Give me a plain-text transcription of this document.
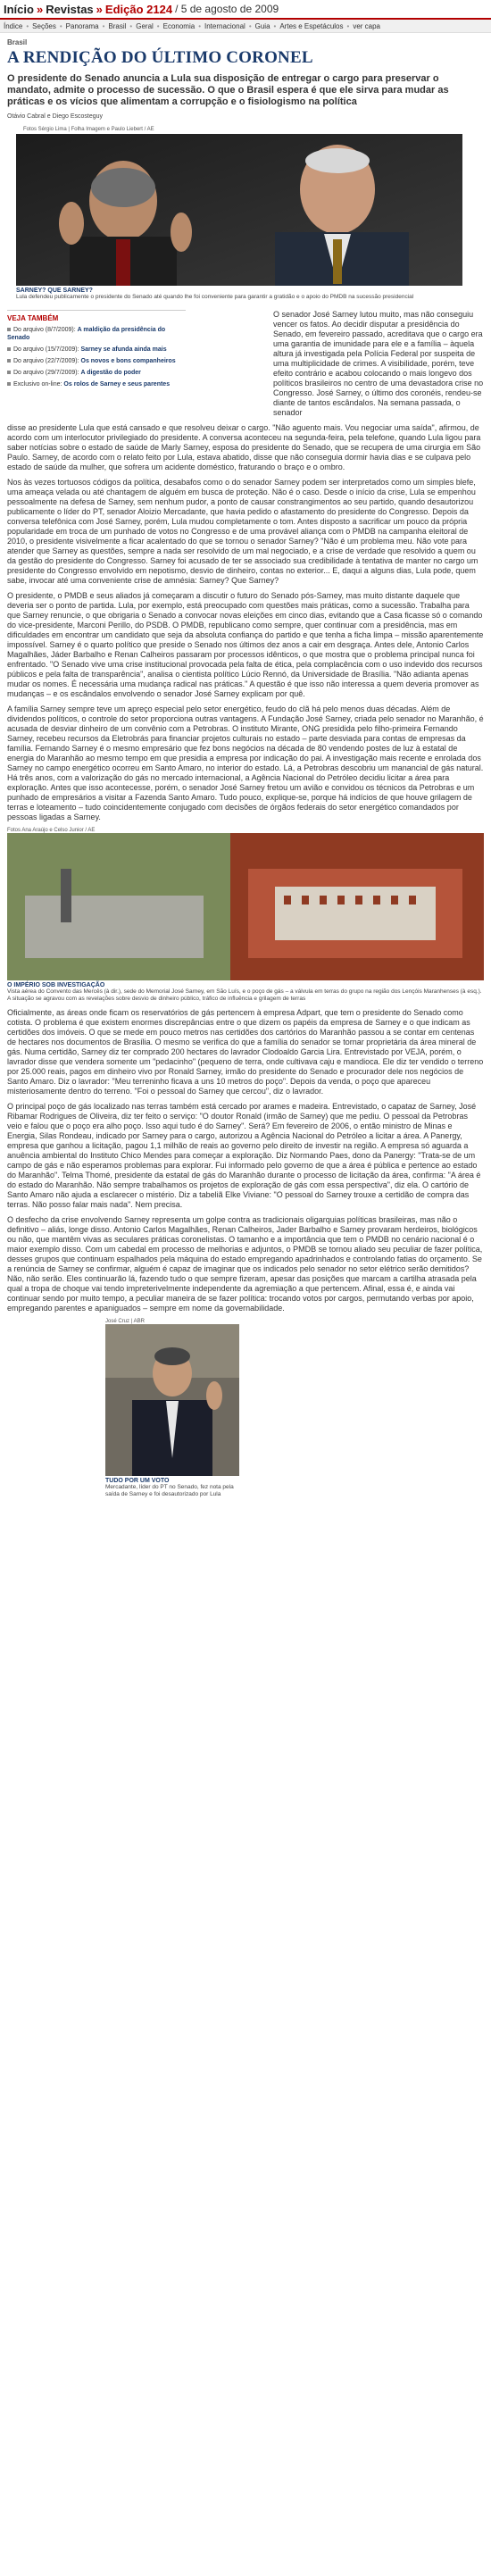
Início » Revistas » Edição 2124 / 5 de agosto de 2009
Índice • Seções • Panorama • Brasil • Geral • Economia • Internacional • Guia • Artes e Espetáculos • ver capa
Brasil
A RENDIÇÃO DO ÚLTIMO CORONEL

O presidente do Senado anuncia a Lula sua disposição de entregar o cargo para preservar o mandato, admite o processo de sucessão. O que o Brasil espera é que ele sirva para mudar as práticas e os vícios que alimentam a corrupção e o fisiologismo na política

Otávio Cabral e Diego Escosteguy
Fotos Sérgio Lima | Folha Imagem e Paulo Liebert / AE
SARNEY? QUE SARNEY?
Lula defendeu publicamente o presidente do Senado até quando lhe foi conveniente para garantir a gratidão e o apoio do PMDB na sucessão presidencial
VEJA TAMBÉM
Do arquivo (8/7/2009): A maldição da presidência do Senado
Do arquivo (15/7/2009): Sarney se afunda ainda mais
Do arquivo (22/7/2009): Os novos e bons companheiros
Do arquivo (29/7/2009): A digestão do poder
Exclusivo on-line: Os rolos de Sarney e seus parentes
O senador José Sarney lutou muito, mas não conseguiu vencer os fatos. Ao decidir disputar a presidência do Senado, em fevereiro passado, acreditava que o cargo era uma garantia de imunidade para ele e a família – àquela altura já investigada pela Polícia Federal por suspeita de uma multiplicidade de crimes. A visibilidade, porém, teve efeito contrário e acabou colocando o mais longevo dos políticos brasileiros no centro de uma devastadora crise no Congresso. José Sarney, o último dos coronéis, rendeu-se diante de tantos escândalos. Na semana passada, o senador

disse ao presidente Lula que está cansado e que resolveu deixar o cargo. "Não aguento mais. Vou negociar uma saída", afirmou, de acordo com um interlocutor privilegiado do presidente. A conversa aconteceu na segunda-feira, pela telefone, quando Lula ligou para saber notícias sobre o estado de saúde de Marly Sarney, esposa do presidente do Senado, que se recupera de uma cirurgia em São Paulo. Sarney, de acordo com o relato feito por Lula, estava abatido, disse que não conseguia dormir havia dias e se culpava pelo estado de saúde da mulher, que sofrera um acidente doméstico, fraturando o braço e o ombro.

Nos às vezes tortuosos códigos da política, desabafos como o do senador Sarney podem ser interpretados como um simples blefe, uma ameaça velada ou até chantagem de alguém em busca de proteção. Não é o caso. Desde o início da crise, Lula se empenhou pessoalmente na defesa de Sarney, sem nenhum pudor, a ponto de causar constrangimentos ao seu partido, quando desautorizou publicamente o líder do PT, senador Aloizio Mercadante, que havia pedido o afastamento do presidente do Congresso. Depois da conversa telefônica com José Sarney, porém, Lula mudou completamente o tom. Antes disposto a sacrificar um pouco da própria popularidade em troca de um punhado de votos no Congresso e de uma provável aliança com o PMDB na campanha eleitoral de 2010, o presidente visivelmente a ficar acalentado do que se tornou o senador Sarney? "Não é um problema meu. Não vote para atender que Sarney as questões, sempre a nada ser resolvido de um mal negociado, e a crise de verdade que resolvido a quem ou da gestão do presidente do Congresso. Sarney foi acusado de ter se associado sua credibilidade à tentativa de manter no cargo um presidente do Congresso envolvido em nepotismo, desvio de dinheiro, contas no exterior... E, daqui a alguns dias, Lula pode, quem sabe, invocar até uma conveniente crise de amnésia: Sarney? Que Sarney?

O presidente, o PMDB e seus aliados já começaram a discutir o futuro do Senado pós-Sarney, mas muito distante daquele que deveria ser o ponto de partida. Lula, por exemplo, está preocupado com questões mais práticas, como a sucessão. Trabalha para que Sarney renuncie, o que obrigaria o Senado a convocar novas eleições em cinco dias, evitando que a Casa ficasse só o comando do vice-presidente, Marconi Perillo, do PSDB. O PMDB, republicano como sempre, quer continuar com a presidência, mas em dificuldades em encontrar um candidato que seja da absoluta confiança do partido e que tenha a ficha limpa – missão aparentemente impossível. Sarney é o quarto político que preside o Senado nos últimos dez anos a cair em desgraça. Antes dele, Antonio Carlos Magalhães, Jáder Barbalho e Renan Calheiros passaram por processos idênticos, o que mostra que o problema principal nunca foi enfrentado. "O Senado vive uma crise institucional provocada pela falta de ética, pela complacência com o uso indevido dos recursos públicos e pela falta de transparência", analisa o cientista político Lúcio Rennó, da Universidade de Brasília. "Não adianta apenas mudar os nomes. É necessária uma mudança radical nas práticas." A questão é que isso não interessa a quem deveria promover as mudanças – e os escândalos envolvendo o senador José Sarney explicam por quê.

A família Sarney sempre teve um apreço especial pelo setor energético, feudo do clã há pelo menos duas décadas. Além de dividendos políticos, o controle do setor proporciona outras vantagens. A Fundação José Sarney, criada pelo senador no Maranhão, é acusada de desviar dinheiro de um convênio com a Petrobras. O instituto Mirante, ONG presidida pelo filho-primeira Fernando Sarney, recebeu recursos da Eletrobrás para financiar projetos culturais no estado – parte desviada para contas de empresas da família. Fernando Sarney é o mesmo empresário que fez bons negócios na década de 80 vendendo postes de luz à estatal de energia do Maranhão ao mesmo tempo em que presidia a empresa por indicação do pai. A investigação mais recente e enrolada dos Sarney no campo energético ocorreu em Santo Amaro, no interior do estado. Lá, a Petrobras descobriu um manancial de gás natural. Há três anos, com a valorização do gás no mercado internacional, a Agência Nacional do Petróleo decidiu licitar a área para exploração. Antes que isso acontecesse, porém, o senador José Sarney fretou um avião e convidou os técnicos da Petrobras e um punhado de empresários a visitar a Fazenda Santo Amaro. Tudo pouco, explique-se, porque há indícios de que houve grilagem de terras e loteamento – tudo coincidentemente conjugado com decisões de órgãos federais do setor energético comandados por pessoas ligadas a Sarney.

Fotos Ana Araújo e Celso Junior / AE
O IMPÉRIO SOB INVESTIGAÇÃO
Vista aérea do Convento das Mercês (à dir.), sede do Memorial José Sarney, em São Luís, e o poço de gás – a válvula em terras do grupo na região dos Lençóis Maranhenses (à esq.). A situação se agravou com as revelações sobre desvio de dinheiro público, tráfico de influência e grilagem de terras

Oficialmente, as áreas onde ficam os reservatórios de gás pertencem à empresa Adpart, que tem o presidente do Senado como cotista. O problema é que existem enormes discrepâncias entre o que dizem os papéis da empresa de Sarney e o que indicam as certidões dos imóveis. O que se mede em pouco metros nas certidões dos cartórios do Maranhão passou a se contar em centenas de hectares nos documentos de Brasília. O mesmo se verifica do que a família do senador se tornar proprietária da área mineral de gás. Numa certidão, Sarney diz ter comprado 200 hectares do lavrador Clodoaldo Garcia Lira. Entrevistado por VEJA, porém, o lavrador disse que vendera somente um "pedacinho" (pequeno de terra, onde cultivava caju e mandioca. Ele diz ter vendido o terreno por 25.000 reais, pagos em dinheiro vivo por Ronald Sarney, irmão do presidente do Senado e procurador dele nos negócios de Santo Amaro. Diz o lavrador: "Meu terreninho ficava a uns 10 metros do poço". Depois da venda, o poço que apareceu misteriosamente dentro do terreno. "Foi o pessoal do Sarney que cercou", diz o lavrador.

O principal poço de gás localizado nas terras também está cercado por arames e madeira. Entrevistado, o capataz de Sarney, José Ribamar Rodrigues de Oliveira, diz ter feito o serviço: "O doutor Ronald (irmão de Sarney) que me pediu. O pessoal da Petrobras veio e falou que o poço era alho poço. Isso aqui tudo é do Sarney". Será? Em fevereiro de 2006, o então ministro de Minas e Energia, Silas Rondeau, indicado por Sarney para o cargo, autorizou a Agência Nacional do Petróleo a licitar a área. A Panergy, empresa que ganhou a licitação, pagou 1,1 milhão de reais ao governo pelo direito de investir na região. A empresa só aguarda a anuência ambiental do Instituto Chico Mendes para começar a exploração. Diz Normando Paes, dono da Panergy: "Trata-se de um campo de gás e não esperamos problemas para explorar. Fui informado pelo governo de que a área é pública e pertence ao estado do Maranhão". Telma Thomé, presidente da estatal de gás do Maranhão durante o processo de licitação da área, confirma: "A área é do estado do Maranhão. Não sempre trabalhamos os projetos de exploração de gás com essa perspectiva", diz ela. O cartório de Santo Amaro não ajuda a esclarecer o mistério. Diz a tabeliã Elke Viviane: "O pessoal do Sarney trouxe a certidão de compra das terras. Não posso falar mais nada". Nem precisa.

O desfecho da crise envolvendo Sarney representa um golpe contra as tradicionais oligarquias políticas brasileiras, mas não o definitivo – aliás, longe disso. Antonio Carlos Magalhães, Renan Calheiros, Jader Barbalho e Sarney provaram herdeiros, biológicos ou não, que mantêm vivas as seculares práticas coronelistas. O tamanho e a importância que tem o PMDB no cenário nacional é o maior exemplo disso. Com um cabedal em processo de melhorias e adjuntos, o PMDB se tornou aliado seu peculiar de fazer política, desses grupos que continuam espalhados pela máquina do estado empregando apadrinhados e controlando fatias do orçamento. Se a renúncia de Sarney se confirmar, alguém é capaz de imaginar que os indicados pelo senador no setor elétrico serão demitidos? Não, não serão. Eles continuarão lá, fazendo tudo o que sempre fizeram, apesar das posições que marcam a cartilha atrasada pela qual a tropa de choque vai tendo impreterivelmente independente da agremiação a que pertencem. Afinal, essa é, e ainda vai continuar sendo por muito tempo, a peculiar maneira de se fazer política: trocando votos por cargos, permutando verbas por apoio, empregando parentes e apaniguados – sempre em nome da governabilidade.

José Cruz | ABR
TUDO POR UM VOTO
Mercadante, líder do PT no Senado, fez nota pela saída de Sarney e foi desautorizado por Lula
